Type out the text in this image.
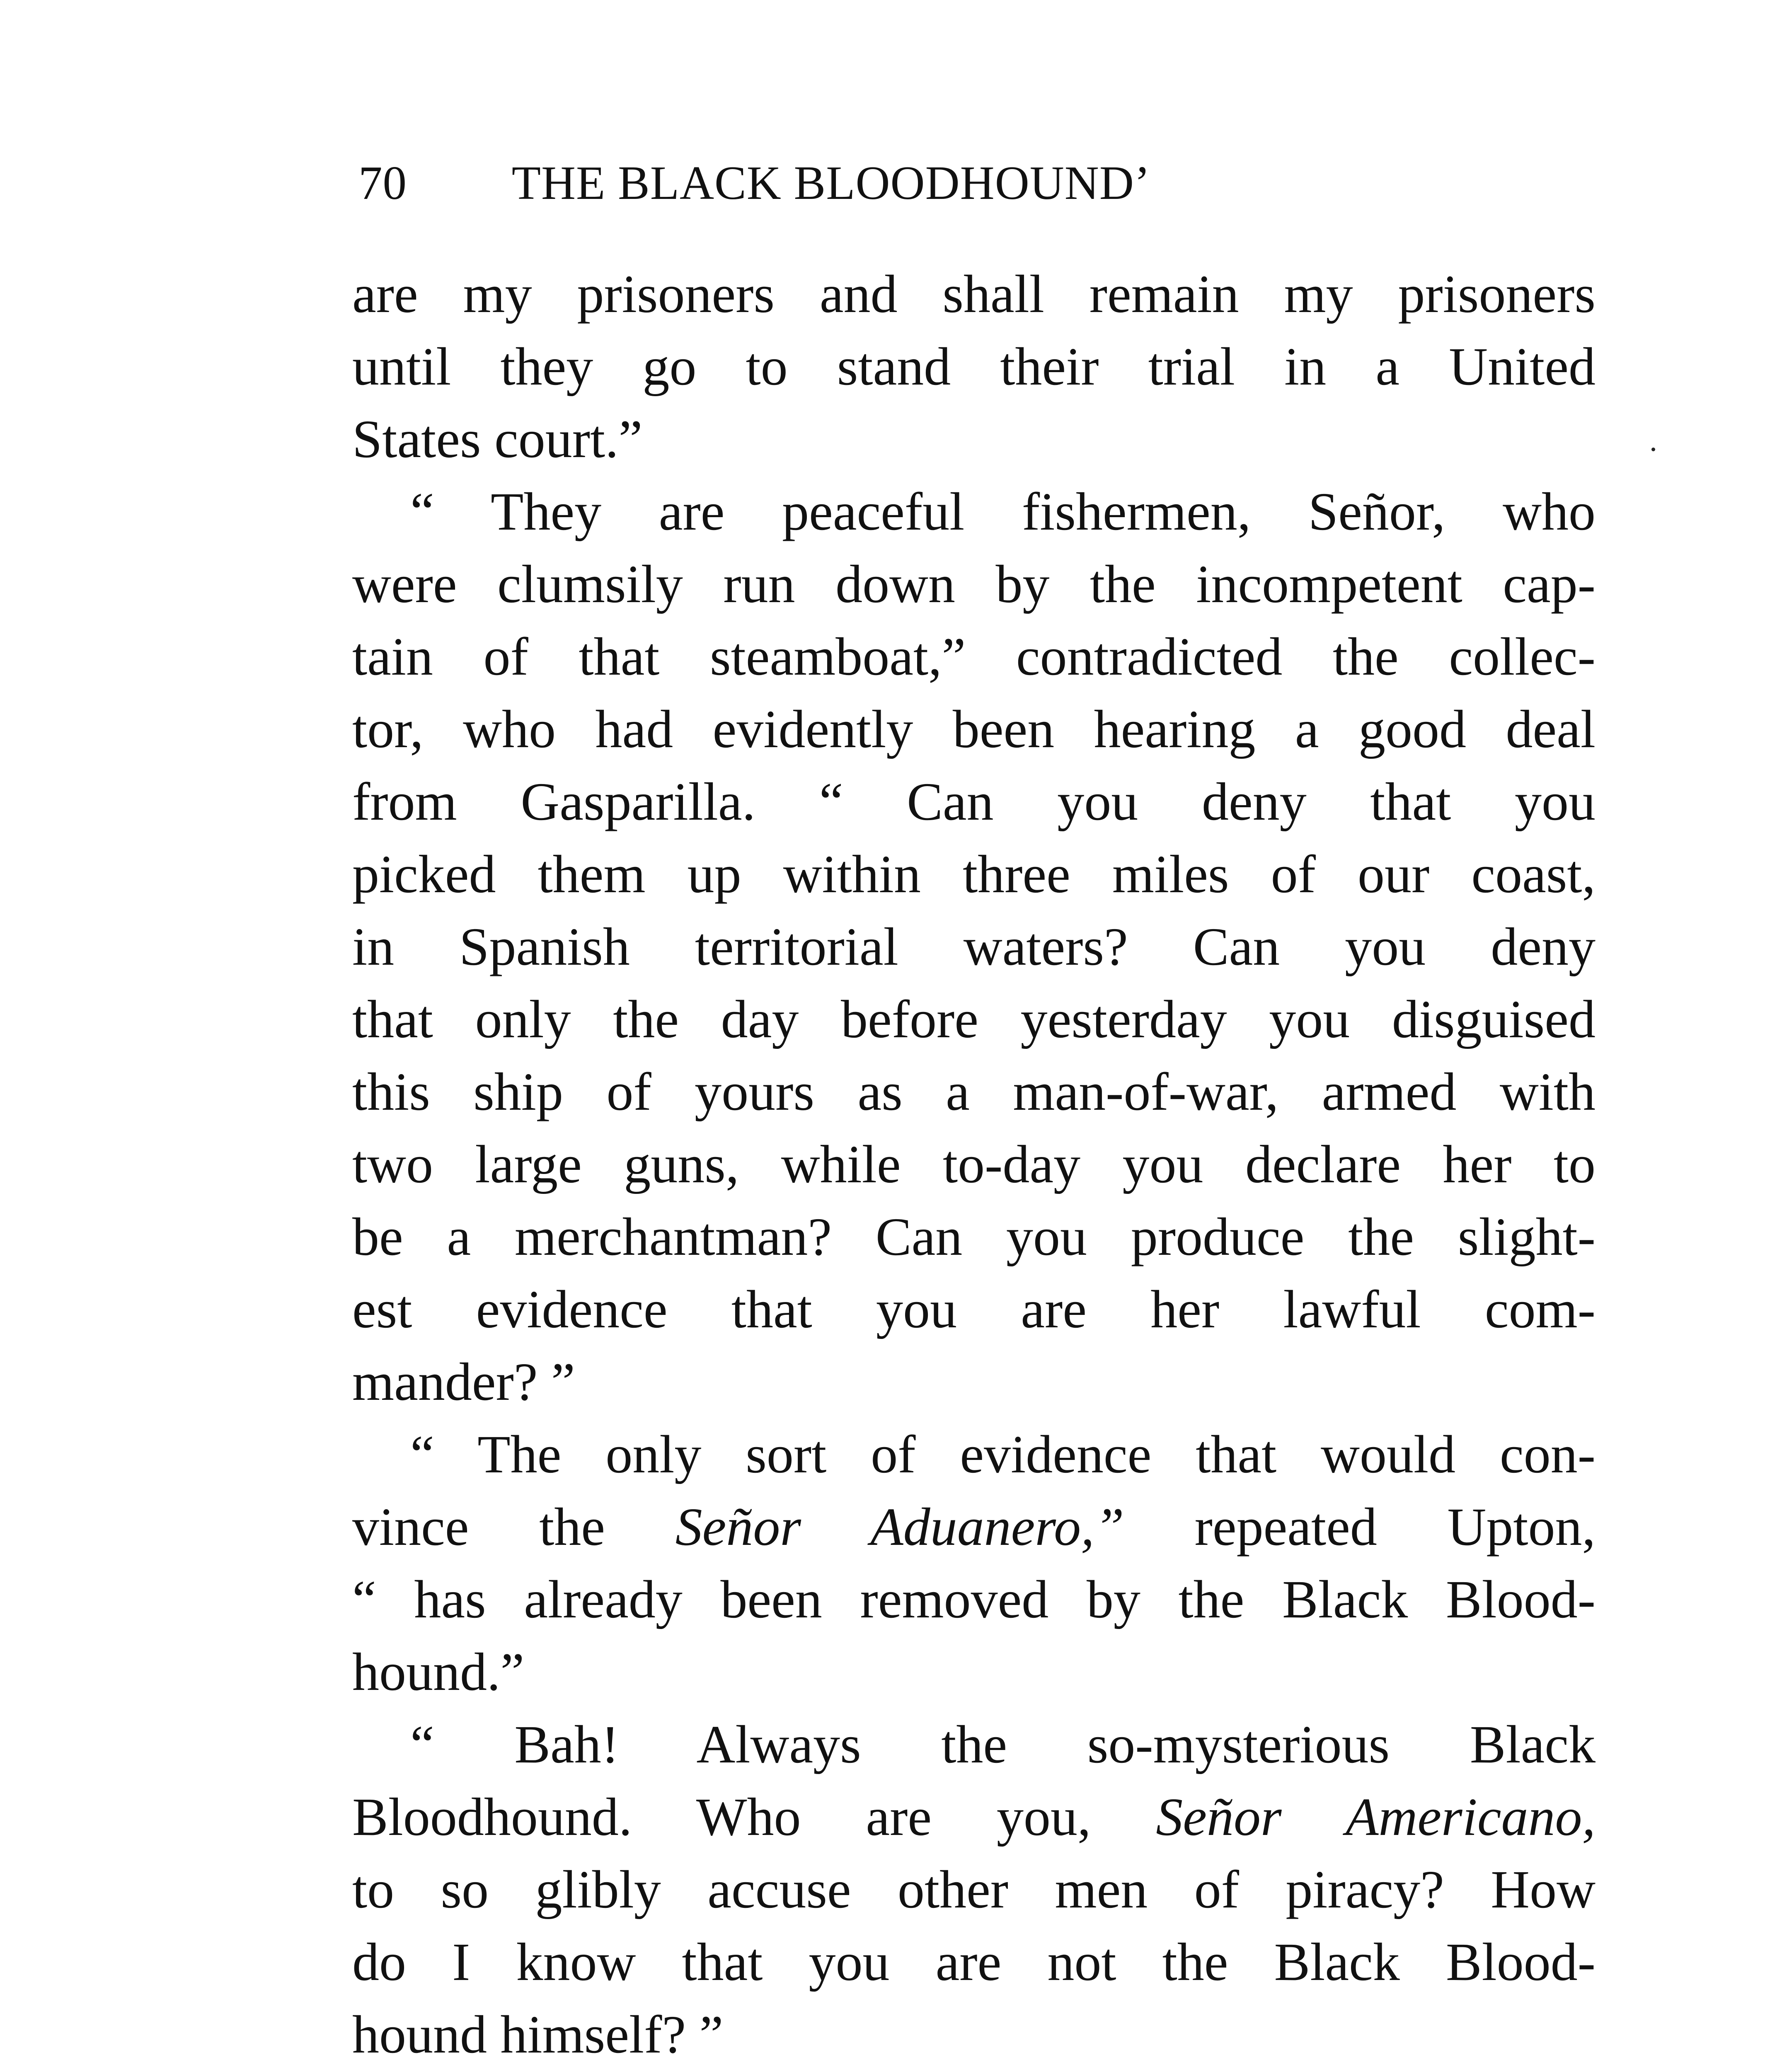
70 THE BLACK BLOODHOUND’

are my prisoners and shall remain my prisoners

until they go to stand their trial in a United

States court.”

“ They are peaceful fishermen, Señor, who

were clumsily run down by the incompetent cap-

tain of that steamboat,” contradicted the collec-

tor, who had evidently been hearing a good deal

from Gasparilla. “ Can you deny that you

picked them up within three miles of our coast,

in Spanish territorial waters? Can you deny

that only the day before yesterday you disguised

this ship of yours as a man-of-war, armed with

two large guns, while to-day you declare her to

be a merchantman? Can you produce the slight-

est evidence that you are her lawful com-

mander? ”

“ The only sort of evidence that would con-

vince the Señor Aduanero,” repeated Upton,

“ has already been removed by the Black Blood-

hound.”

“ Bah! Always the so-mysterious Black

Bloodhound. Who are you, Señor Americano,

to so glibly accuse other men of piracy? How

do I know that you are not the Black Blood-

hound himself? ”
